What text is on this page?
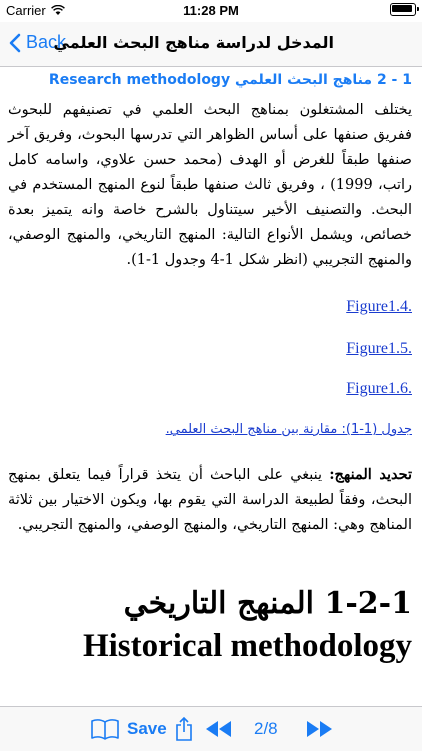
Carrier	11:28 PM
Back
المدخل لدراسة مناهج البحث العلمي
1 - 2 مناهج البحث العلمي Research methodology
يختلف المشتغلون بمناهج البحث العلمي في تصنيفهم للبحوث ففريق صنفها على أساس الظواهر التي تدرسها البحوث، وفريق آخر صنفها طبقاً للغرض أو الهدف (محمد حسن علاوي، واسامه كامل راتب، 1999) ، وفريق ثالث صنفها طبقاً لنوع المنهج المستخدم في البحث. والتصنيف الأخير سيتناول بالشرح خاصة وانه يتميز بعدة خصائص، ويشمل الأنواع التالية: المنهج التاريخي، والمنهج الوصفي، والمنهج التجريبي (انظر شكل 1-4 وجدول 1-1).
.Figure1.4
.Figure1.5
.Figure1.6
جدول (1-1): مقارنة بين مناهج البحث العلمي.
تحديد المنهج: ينبغي على الباحث أن يتخذ قراراً فيما يتعلق بمنهج البحث، وفقاً لطبيعة الدراسة التي يقوم بها، ويكون الاختيار بين ثلاثة المناهج وهي: المنهج التاريخي، والمنهج الوصفي، والمنهج التجريبي.
1-2-1 المنهج التاريخي
Historical methodology
Save	2/8
